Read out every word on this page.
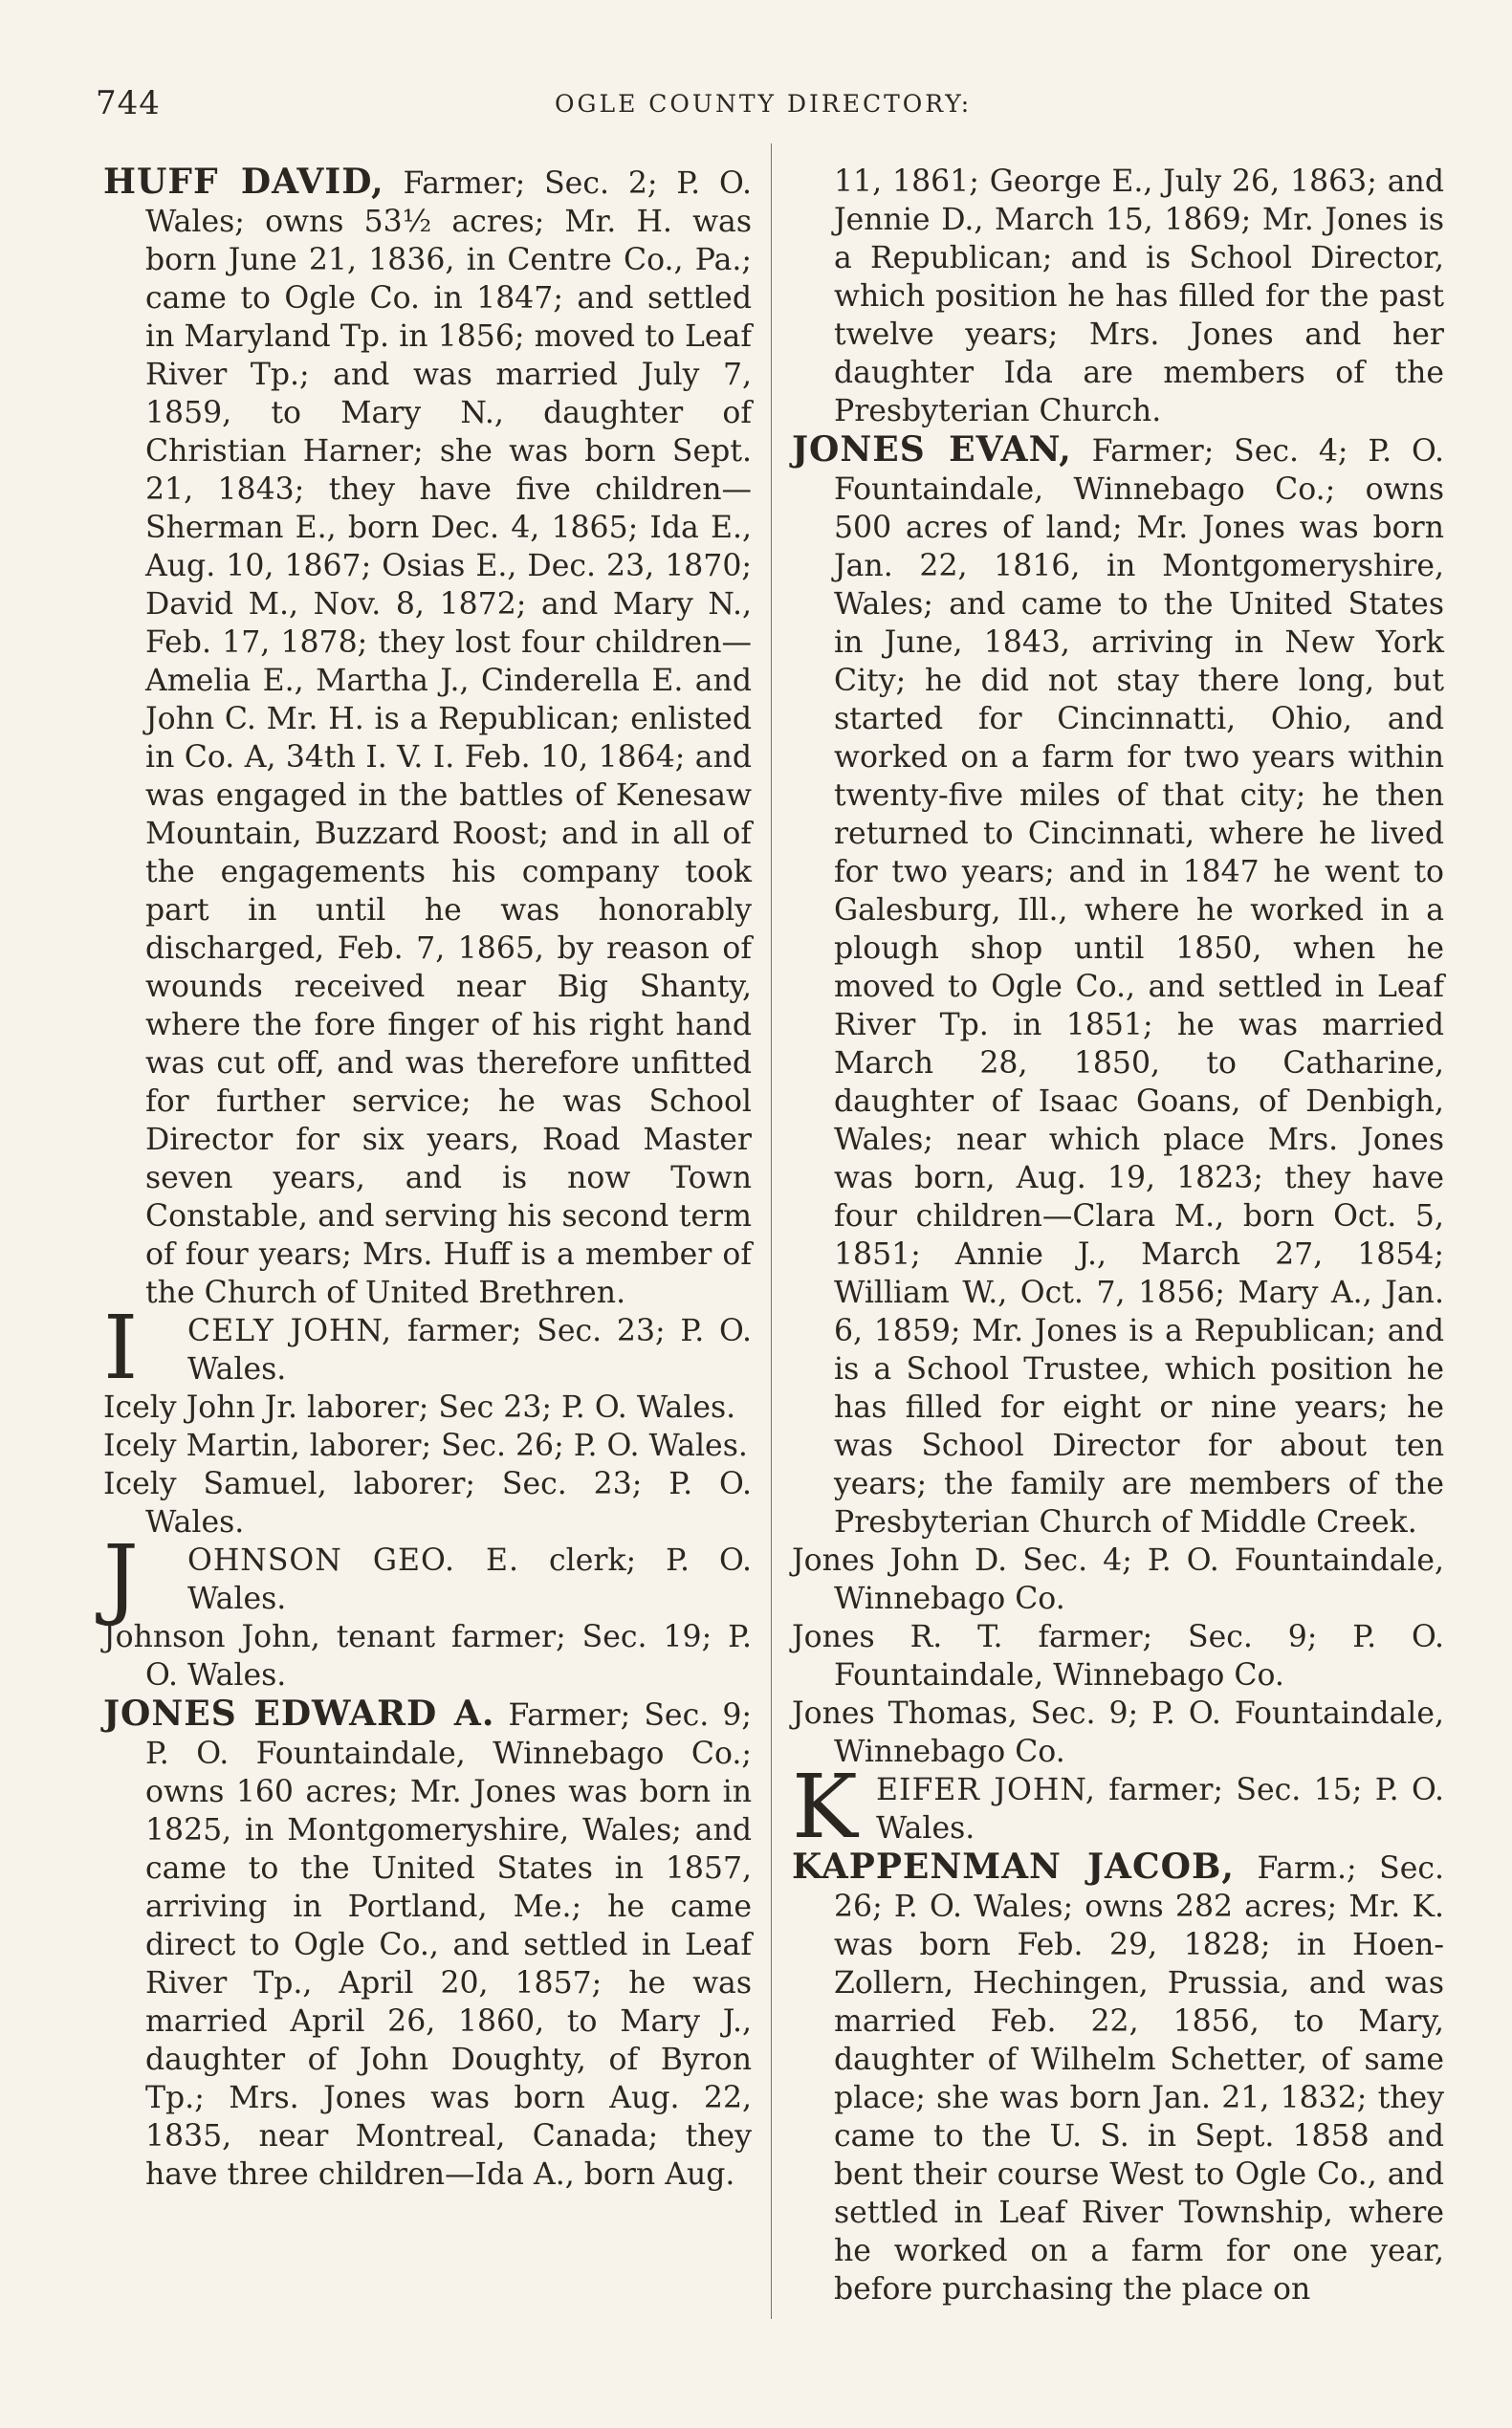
744	OGLE COUNTY DIRECTORY:

HUFF DAVID, Farmer; Sec. 2; P. O. Wales; owns 53½ acres; Mr. H. was born June 21, 1836, in Centre Co., Pa.; came to Ogle Co. in 1847; and settled in Maryland Tp. in 1856; moved to Leaf River Tp.; and was married July 7, 1859, to Mary N., daughter of Christian Harner; she was born Sept. 21, 1843; they have five children—Sherman E., born Dec. 4, 1865; Ida E., Aug. 10, 1867; Osias E., Dec. 23, 1870; David M., Nov. 8, 1872; and Mary N., Feb. 17, 1878; they lost four children—Amelia E., Martha J., Cinderella E. and John C. Mr. H. is a Republican; enlisted in Co. A, 34th I. V. I. Feb. 10, 1864; and was engaged in the battles of Kenesaw Mountain, Buzzard Roost; and in all of the engagements his company took part in until he was honorably discharged, Feb. 7, 1865, by reason of wounds received near Big Shanty, where the fore finger of his right hand was cut off, and was therefore unfitted for further service; he was School Director for six years, Road Master seven years, and is now Town Constable, and serving his second term of four years; Mrs. Huff is a member of the Church of United Brethren.

I CELY JOHN, farmer; Sec. 23; P. O. Wales.

Icely John Jr. laborer; Sec 23; P. O. Wales.

Icely Martin, laborer; Sec. 26; P. O. Wales.

Icely Samuel, laborer; Sec. 23; P. O. Wales.

J OHNSON GEO. E. clerk; P. O. Wales.

Johnson John, tenant farmer; Sec. 19; P. O. Wales.

JONES EDWARD A. Farmer; Sec. 9; P. O. Fountaindale, Winnebago Co.; owns 160 acres; Mr. Jones was born in 1825, in Montgomeryshire, Wales; and came to the United States in 1857, arriving in Portland, Me.; he came direct to Ogle Co., and settled in Leaf River Tp., April 20, 1857; he was married April 26, 1860, to Mary J., daughter of John Doughty, of Byron Tp.; Mrs. Jones was born Aug. 22, 1835, near Montreal, Canada; they have three children—Ida A., born Aug.

11, 1861; George E., July 26, 1863; and Jennie D., March 15, 1869; Mr. Jones is a Republican; and is School Director, which position he has filled for the past twelve years; Mrs. Jones and her daughter Ida are members of the Presbyterian Church.

JONES EVAN, Farmer; Sec. 4; P. O. Fountaindale, Winnebago Co.; owns 500 acres of land; Mr. Jones was born Jan. 22, 1816, in Montgomeryshire, Wales; and came to the United States in June, 1843, arriving in New York City; he did not stay there long, but started for Cincinnatti, Ohio, and worked on a farm for two years within twenty-five miles of that city; he then returned to Cincinnati, where he lived for two years; and in 1847 he went to Galesburg, Ill., where he worked in a plough shop until 1850, when he moved to Ogle Co., and settled in Leaf River Tp. in 1851; he was married March 28, 1850, to Catharine, daughter of Isaac Goans, of Denbigh, Wales; near which place Mrs. Jones was born, Aug. 19, 1823; they have four children—Clara M., born Oct. 5, 1851; Annie J., March 27, 1854; William W., Oct. 7, 1856; Mary A., Jan. 6, 1859; Mr. Jones is a Republican; and is a School Trustee, which position he has filled for eight or nine years; he was School Director for about ten years; the family are members of the Presbyterian Church of Middle Creek.

Jones John D. Sec. 4; P. O. Fountaindale, Winnebago Co.

Jones R. T. farmer; Sec. 9; P. O. Fountaindale, Winnebago Co.

Jones Thomas, Sec. 9; P. O. Fountaindale, Winnebago Co.

K EIFER JOHN, farmer; Sec. 15; P. O. Wales.

KAPPENMAN JACOB, Farm.; Sec. 26; P. O. Wales; owns 282 acres; Mr. K. was born Feb. 29, 1828; in Hoen-Zollern, Hechingen, Prussia, and was married Feb. 22, 1856, to Mary, daughter of Wilhelm Schetter, of same place; she was born Jan. 21, 1832; they came to the U. S. in Sept. 1858 and bent their course West to Ogle Co., and settled in Leaf River Township, where he worked on a farm for one year, before purchasing the place on
